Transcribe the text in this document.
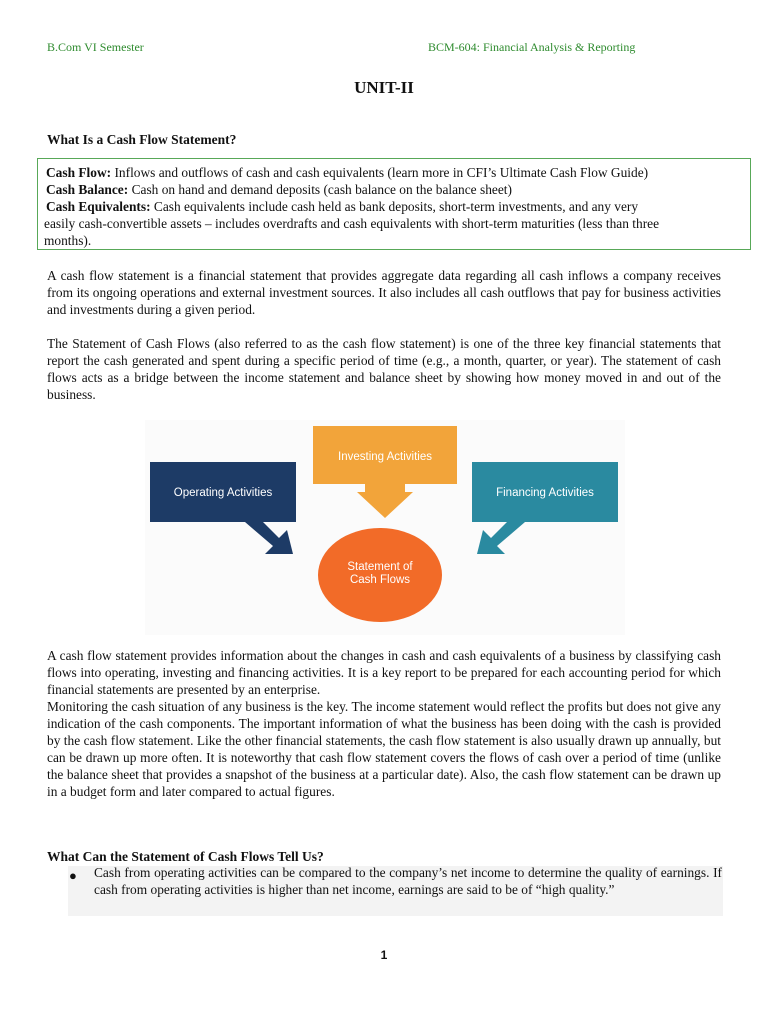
B.Com VI Semester	BCM-604: Financial Analysis & Reporting
UNIT-II
What Is a Cash Flow Statement?
Cash Flow: Inflows and outflows of cash and cash equivalents (learn more in CFI’s Ultimate Cash Flow Guide)
Cash Balance: Cash on hand and demand deposits (cash balance on the balance sheet)
Cash Equivalents: Cash equivalents include cash held as bank deposits, short-term investments, and any very
easily cash-convertible assets – includes overdrafts and cash equivalents with short-term maturities (less than three
months).

A cash flow statement is a financial statement that provides aggregate data regarding all cash inflows a company receives from its ongoing operations and external investment sources. It also includes all cash outflows that pay for business activities and investments during a given period.

The Statement of Cash Flows (also referred to as the cash flow statement) is one of the three key financial statements that report the cash generated and spent during a specific period of time (e.g., a month, quarter, or year). The statement of cash flows acts as a bridge between the income statement and balance sheet by showing how money moved in and out of the business.

Investing Activities
Operating Activities	Financing Activities
Statement of
Cash Flows

A cash flow statement provides information about the changes in cash and cash equivalents of a business by classifying cash flows into operating, investing and financing activities. It is a key report to be prepared for each accounting period for which financial statements are presented by an enterprise.

Monitoring the cash situation of any business is the key. The income statement would reflect the profits but does not give any indication of the cash components. The important information of what the business has been doing with the cash is provided by the cash flow statement. Like the other financial statements, the cash flow statement is also usually drawn up annually, but can be drawn up more often. It is noteworthy that cash flow statement covers the flows of cash over a period of time (unlike the balance sheet that provides a snapshot of the business at a particular date). Also, the cash flow statement can be drawn up in a budget form and later compared to actual figures.

What Can the Statement of Cash Flows Tell Us?
● Cash from operating activities can be compared to the company’s net income to determine the quality of earnings. If cash from operating activities is higher than net income, earnings are said to be of “high quality.”

1
